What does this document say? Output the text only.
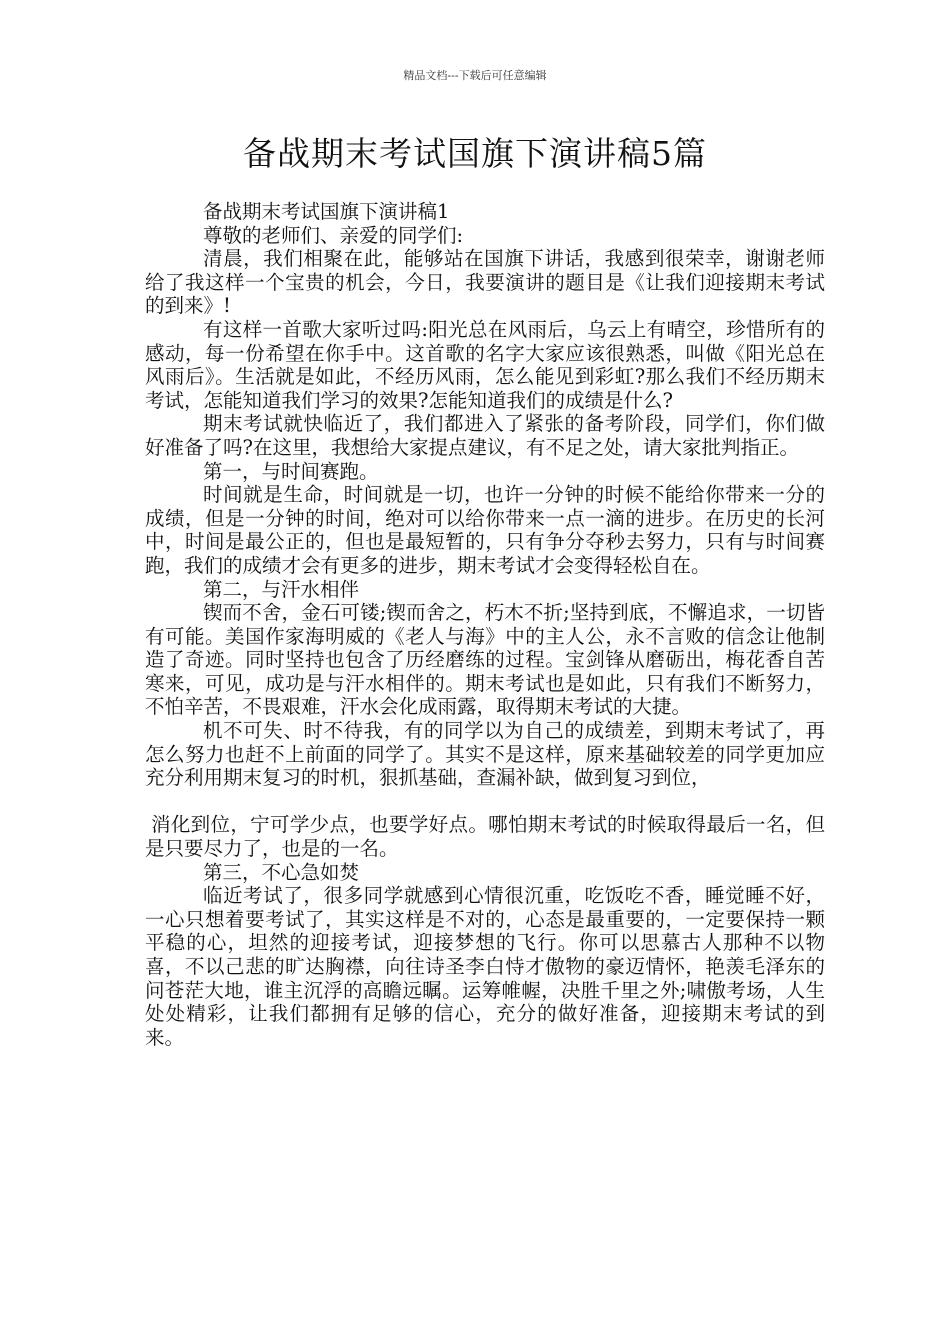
精品文档---下载后可任意编辑
备战期末考试国旗下演讲稿5篇

备战期末考试国旗下演讲稿1

尊敬的老师们、亲爱的同学们:

清晨，我们相聚在此，能够站在国旗下讲话，我感到很荣幸，谢谢老师给了我这样一个宝贵的机会，今日，我要演讲的题目是《让我们迎接期末考试的到来》!

有这样一首歌大家听过吗:阳光总在风雨后，乌云上有晴空，珍惜所有的感动，每一份希望在你手中。这首歌的名字大家应该很熟悉，叫做《阳光总在风雨后》。生活就是如此，不经历风雨，怎么能见到彩虹?那么我们不经历期末考试，怎能知道我们学习的效果?怎能知道我们的成绩是什么?

期末考试就快临近了，我们都进入了紧张的备考阶段，同学们，你们做好准备了吗?在这里，我想给大家提点建议，有不足之处，请大家批判指正。

第一，与时间赛跑。

时间就是生命，时间就是一切，也许一分钟的时候不能给你带来一分的成绩，但是一分钟的时间，绝对可以给你带来一点一滴的进步。在历史的长河中，时间是最公正的，但也是最短暂的，只有争分夺秒去努力，只有与时间赛跑，我们的成绩才会有更多的进步，期末考试才会变得轻松自在。

第二，与汗水相伴

锲而不舍，金石可镂;锲而舍之，朽木不折;坚持到底，不懈追求，一切皆有可能。美国作家海明威的《老人与海》中的主人公，永不言败的信念让他制造了奇迹。同时坚持也包含了历经磨练的过程。宝剑锋从磨砺出，梅花香自苦寒来，可见，成功是与汗水相伴的。期末考试也是如此，只有我们不断努力，不怕辛苦，不畏艰难，汗水会化成雨露，取得期末考试的大捷。

机不可失、时不待我，有的同学以为自己的成绩差，到期末考试了，再怎么努力也赶不上前面的同学了。其实不是这样，原来基础较差的同学更加应充分利用期末复习的时机，狠抓基础，查漏补缺，做到复习到位，

消化到位，宁可学少点，也要学好点。哪怕期末考试的时候取得最后一名，但是只要尽力了，也是的一名。

第三，不心急如焚

临近考试了，很多同学就感到心情很沉重，吃饭吃不香，睡觉睡不好，一心只想着要考试了，其实这样是不对的，心态是最重要的，一定要保持一颗平稳的心，坦然的迎接考试，迎接梦想的飞行。你可以思慕古人那种不以物喜，不以己悲的旷达胸襟，向往诗圣李白恃才傲物的豪迈情怀，艳羡毛泽东的问苍茫大地，谁主沉浮的高瞻远瞩。运筹帷幄，决胜千里之外;啸傲考场，人生处处精彩，让我们都拥有足够的信心，充分的做好准备，迎接期末考试的到来。
